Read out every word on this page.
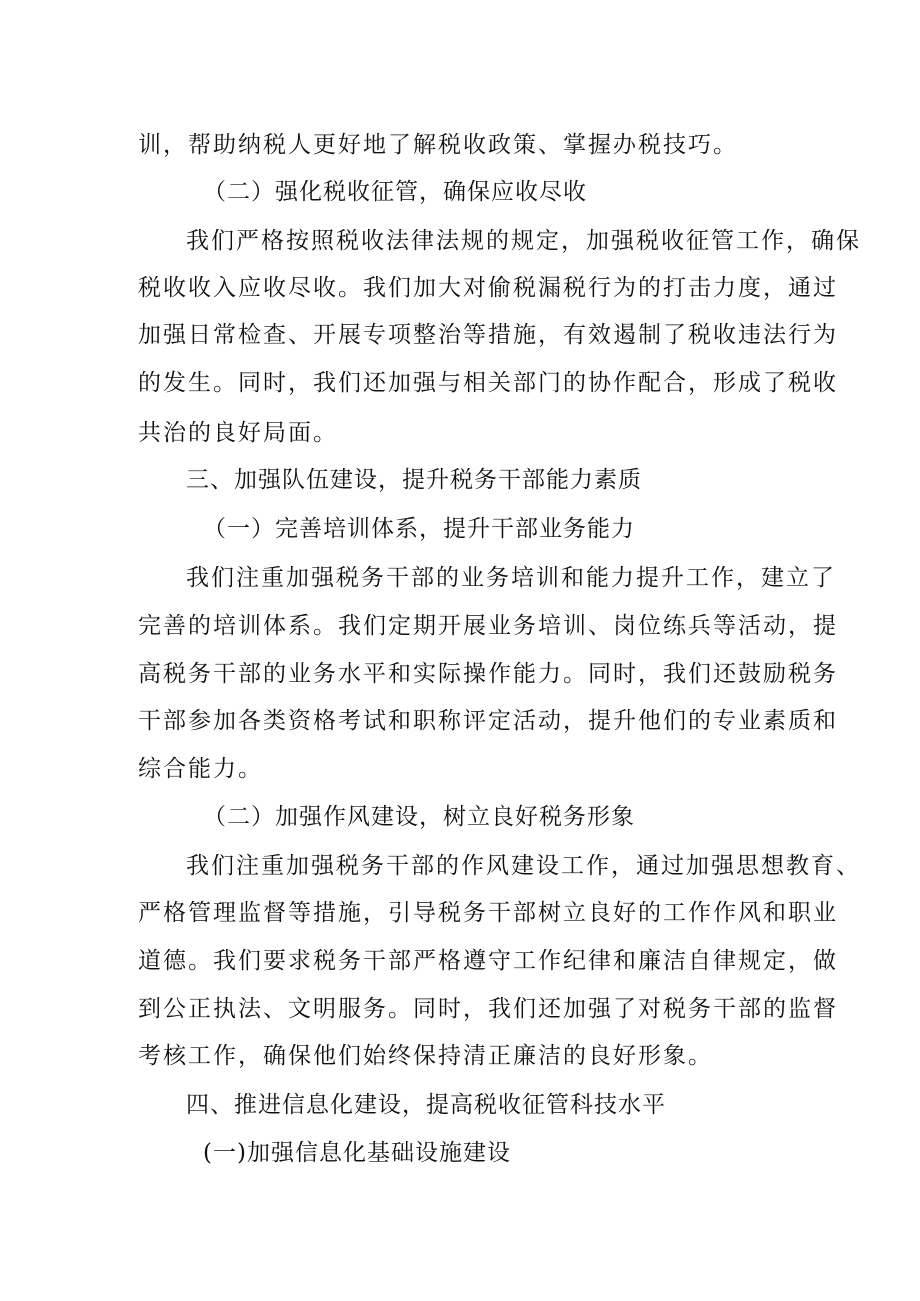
训，帮助纳税人更好地了解税收政策、掌握办税技巧。
（二）强化税收征管，确保应收尽收
我们严格按照税收法律法规的规定，加强税收征管工作，确保
税收收入应收尽收。我们加大对偷税漏税行为的打击力度，通过
加强日常检查、开展专项整治等措施，有效遏制了税收违法行为
的发生。同时，我们还加强与相关部门的协作配合，形成了税收
共治的良好局面。
三、加强队伍建设，提升税务干部能力素质
（一）完善培训体系，提升干部业务能力
我们注重加强税务干部的业务培训和能力提升工作，建立了
完善的培训体系。我们定期开展业务培训、岗位练兵等活动，提
高税务干部的业务水平和实际操作能力。同时，我们还鼓励税务
干部参加各类资格考试和职称评定活动，提升他们的专业素质和
综合能力。
（二）加强作风建设，树立良好税务形象
我们注重加强税务干部的作风建设工作，通过加强思想教育、
严格管理监督等措施，引导税务干部树立良好的工作作风和职业
道德。我们要求税务干部严格遵守工作纪律和廉洁自律规定，做
到公正执法、文明服务。同时，我们还加强了对税务干部的监督
考核工作，确保他们始终保持清正廉洁的良好形象。
四、推进信息化建设，提高税收征管科技水平
(一)加强信息化基础设施建设
